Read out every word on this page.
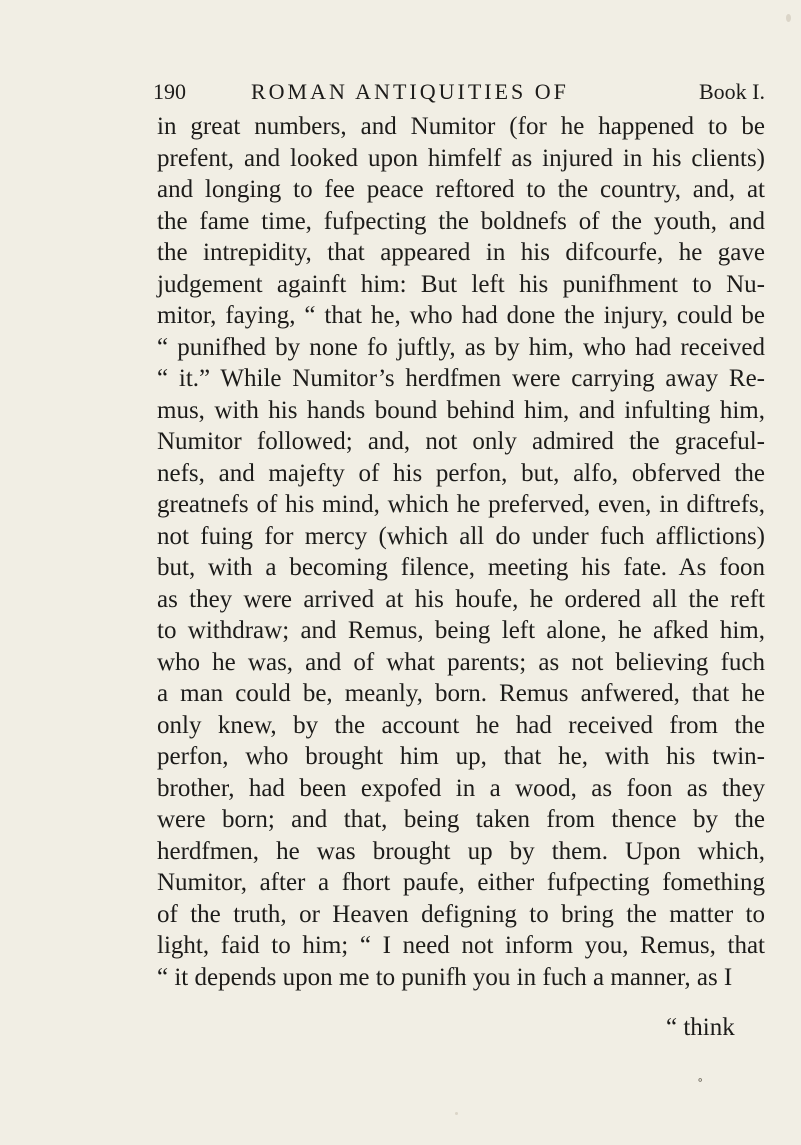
190	ROMAN ANTIQUITIES OF	Book I.
in great numbers, and Numitor (for he happened to be
prefent, and looked upon himfelf as injured in his clients)
and longing to fee peace reftored to the country, and, at
the fame time, fufpecting the boldnefs of the youth, and
the intrepidity, that appeared in his difcourfe, he gave
judgement againft him: But left his punifhment to Nu-
mitor, faying, “ that he, who had done the injury, could be
“ punifhed by none fo juftly, as by him, who had received
“ it.” While Numitor’s herdfmen were carrying away Re-
mus, with his hands bound behind him, and infulting him,
Numitor followed; and, not only admired the graceful-
nefs, and majefty of his perfon, but, alfo, obferved the
greatnefs of his mind, which he preferved, even, in diftrefs,
not fuing for mercy (which all do under fuch afflictions)
but, with a becoming filence, meeting his fate. As foon
as they were arrived at his houfe, he ordered all the reft
to withdraw; and Remus, being left alone, he afked him,
who he was, and of what parents; as not believing fuch
a man could be, meanly, born. Remus anfwered, that he
only knew, by the account he had received from the
perfon, who brought him up, that he, with his twin-
brother, had been expofed in a wood, as foon as they
were born; and that, being taken from thence by the
herdfmen, he was brought up by them. Upon which,
Numitor, after a fhort paufe, either fufpecting fomething
of the truth, or Heaven defigning to bring the matter to
light, faid to him; “ I need not inform you, Remus, that
“ it depends upon me to punifh you in fuch a manner, as I
“ think
∘
